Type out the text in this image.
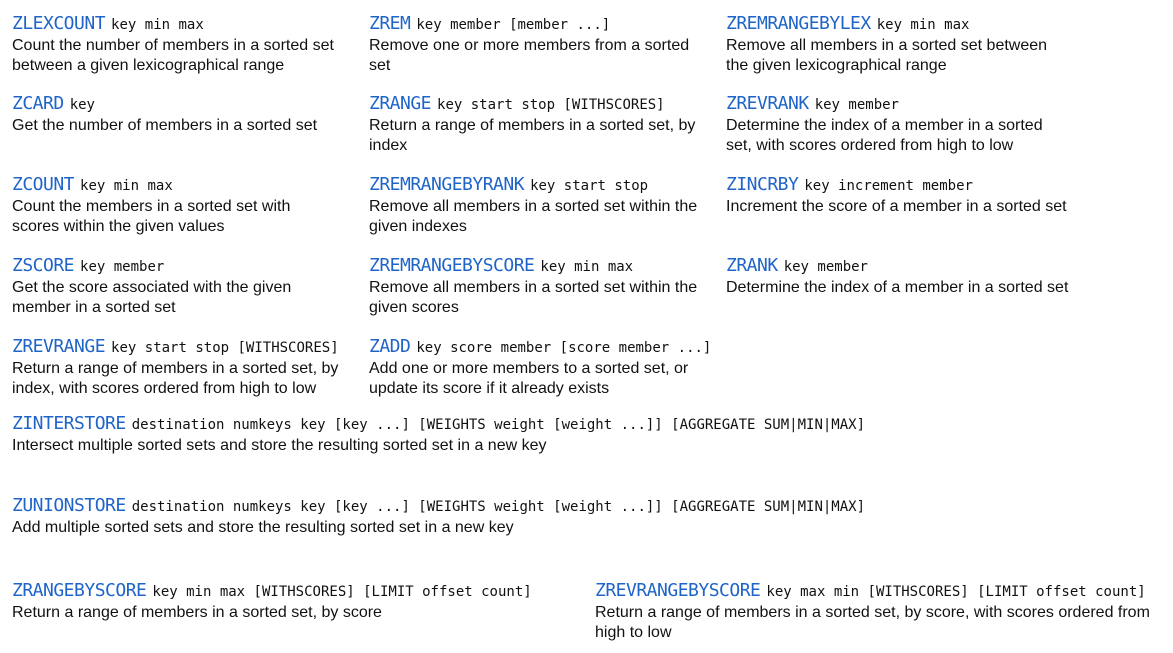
ZLEXCOUNT key min max
Count the number of members in a sorted set between a given lexicographical range
ZREM key member [member ...]
Remove one or more members from a sorted set
ZREMRANGEBYLEX key min max
Remove all members in a sorted set between the given lexicographical range
ZCARD key
Get the number of members in a sorted set
ZRANGE key start stop [WITHSCORES]
Return a range of members in a sorted set, by index
ZREVRANK key member
Determine the index of a member in a sorted set, with scores ordered from high to low
ZCOUNT key min max
Count the members in a sorted set with scores within the given values
ZREMRANGEBYRANK key start stop
Remove all members in a sorted set within the given indexes
ZINCRBY key increment member
Increment the score of a member in a sorted set
ZSCORE key member
Get the score associated with the given member in a sorted set
ZREMRANGEBYSCORE key min max
Remove all members in a sorted set within the given scores
ZRANK key member
Determine the index of a member in a sorted set
ZREVRANGE key start stop [WITHSCORES]
Return a range of members in a sorted set, by index, with scores ordered from high to low
ZADD key score member [score member ...]
Add one or more members to a sorted set, or update its score if it already exists
ZINTERSTORE destination numkeys key [key ...] [WEIGHTS weight [weight ...]] [AGGREGATE SUM|MIN|MAX]
Intersect multiple sorted sets and store the resulting sorted set in a new key
ZUNIONSTORE destination numkeys key [key ...] [WEIGHTS weight [weight ...]] [AGGREGATE SUM|MIN|MAX]
Add multiple sorted sets and store the resulting sorted set in a new key
ZRANGEBYSCORE key min max [WITHSCORES] [LIMIT offset count]
Return a range of members in a sorted set, by score
ZREVRANGEBYSCORE key max min [WITHSCORES] [LIMIT offset count]
Return a range of members in a sorted set, by score, with scores ordered from high to low
